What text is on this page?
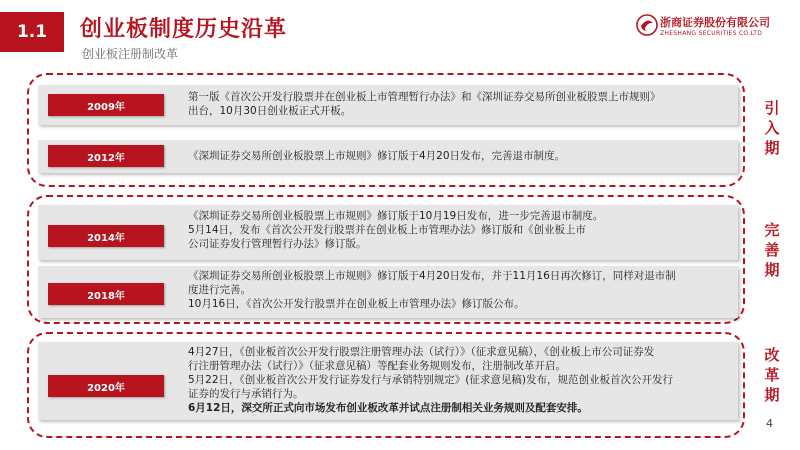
1.1	创业板制度历史沿革
创业板注册制改革
浙商证券股份有限公司
ZHESHANG SECURITIES CO.LTD
引入期
完善期
改革期
2009年

第一版《首次公开发行股票并在创业板上市管理暂行办法》和《深圳证券交易所创业板股票上市规则》

出台，10月30日创业板正式开板。

2012年	《深圳证券交易所创业板股票上市规则》修订版于4月20日发布，完善退市制度。

2014年

《深圳证券交易所创业板股票上市规则》修订版于10月19日发布，进一步完善退市制度。

5月14日，发布《首次公开发行股票并在创业板上市管理办法》修订版和《创业板上市

公司证券发行管理暂行办法》修订版。

2018年

《深圳证券交易所创业板股票上市规则》修订版于4月20日发布，并于11月16日再次修订，同样对退市制

度进行完善。

10月16日，《首次公开发行股票并在创业板上市管理办法》修订版公布。

2020年

4月27日，《创业板首次公开发行股票注册管理办法（试行）》（征求意见稿），《创业板上市公司证券发

行注册管理办法（试行）》（征求意见稿）等配套业务规则发布，注册制改革开启。

5月22日，《创业板首次公开发行证券发行与承销特别规定》(征求意见稿)发布，规范创业板首次公开发行

证券的发行与承销行为。

6月12日，深交所正式向市场发布创业板改革并试点注册制相关业务规则及配套安排。

4
